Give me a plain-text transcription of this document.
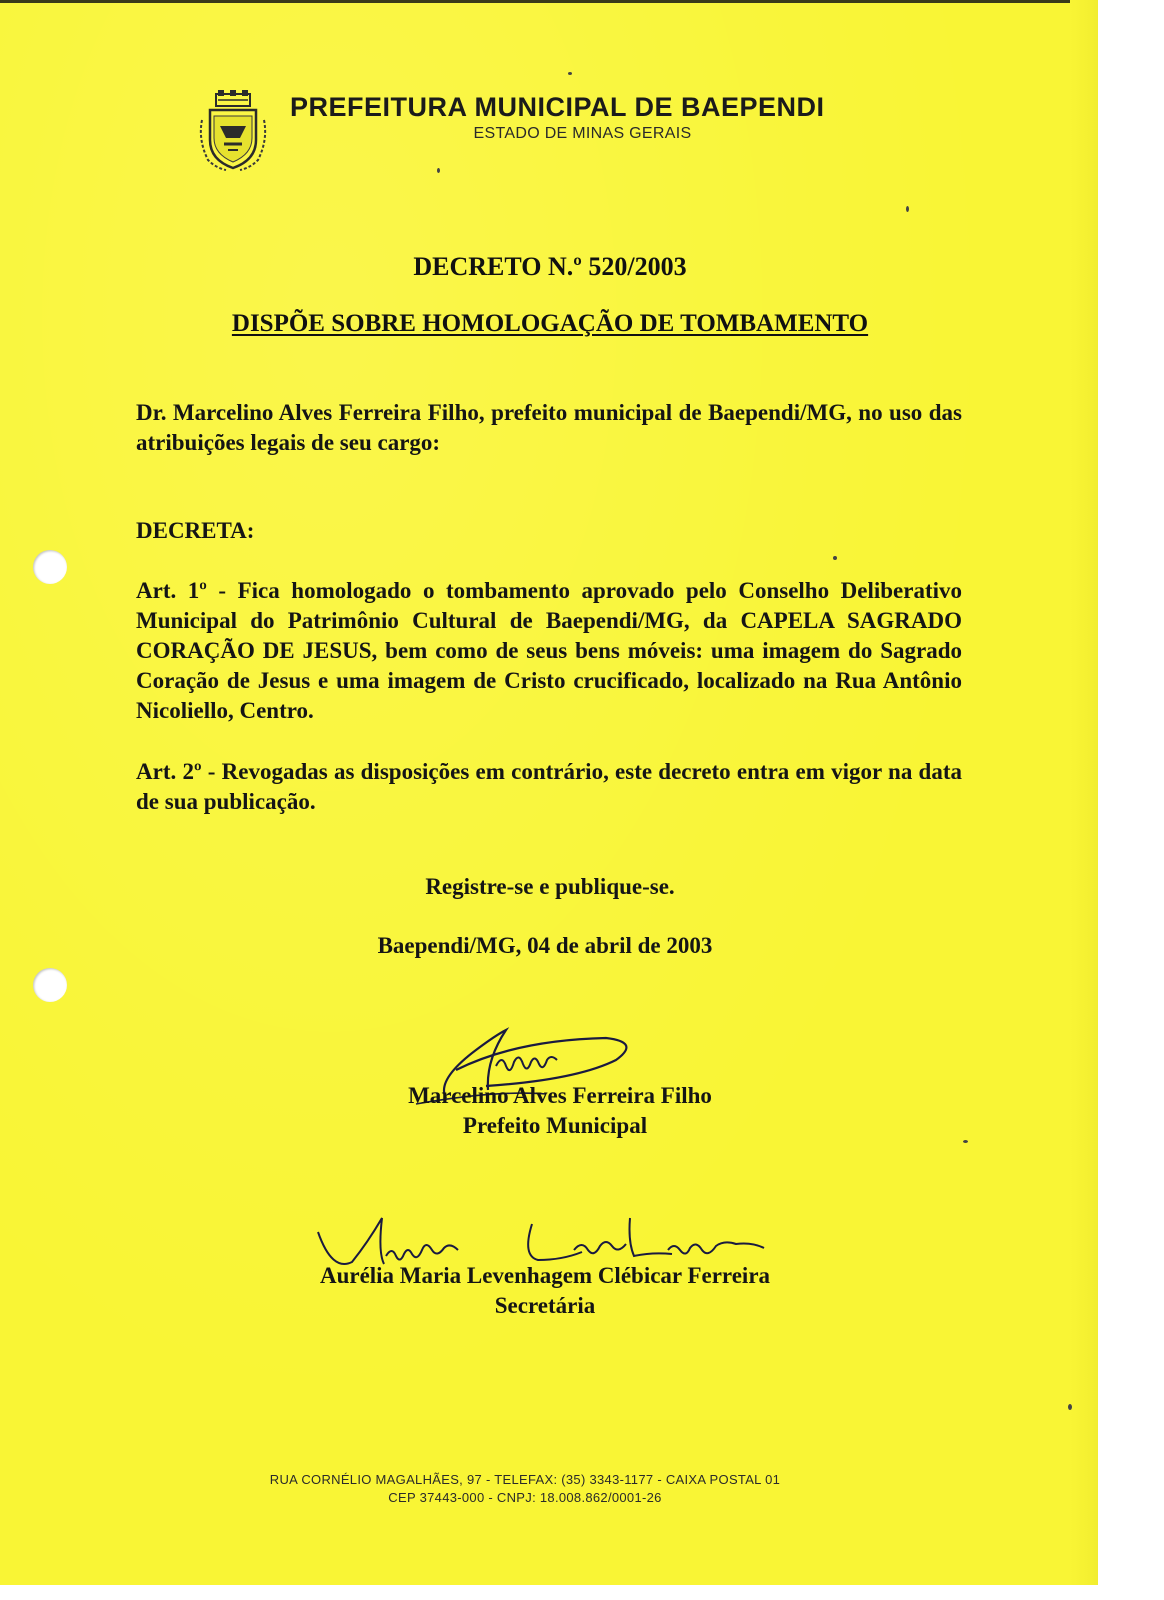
PREFEITURA MUNICIPAL DE BAEPENDI
ESTADO DE MINAS GERAIS
DECRETO N.º 520/2003
DISPÕE SOBRE HOMOLOGAÇÃO DE TOMBAMENTO
Dr. Marcelino Alves Ferreira Filho, prefeito municipal de Baependi/MG, no uso das atribuições legais de seu cargo:
DECRETA:
Art. 1º - Fica homologado o tombamento aprovado pelo Conselho Deliberativo Municipal do Patrimônio Cultural de Baependi/MG, da CAPELA SAGRADO CORAÇÃO DE JESUS, bem como de seus bens móveis: uma imagem do Sagrado Coração de Jesus e uma imagem de Cristo crucificado, localizado na Rua Antônio Nicoliello, Centro.
Art. 2º - Revogadas as disposições em contrário, este decreto entra em vigor na data de sua publicação.
Registre-se e publique-se.
Baependi/MG, 04 de abril de 2003
Marcelino Alves Ferreira Filho
Prefeito Municipal
Aurélia Maria Levenhagem Clébicar Ferreira
Secretária
RUA CORNÉLIO MAGALHÃES, 97 - TELEFAX: (35) 3343-1177 - CAIXA POSTAL 01
CEP 37443-000 - CNPJ: 18.008.862/0001-26
